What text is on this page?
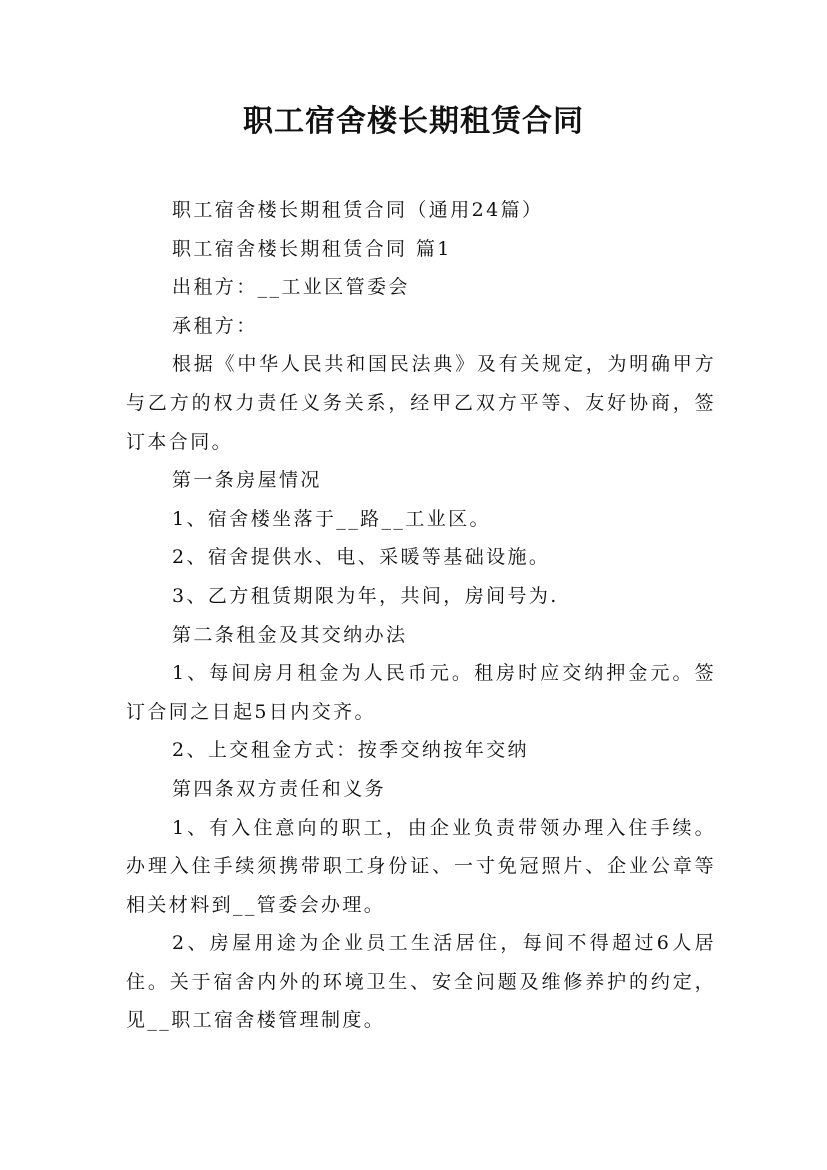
职工宿舍楼长期租赁合同

职工宿舍楼长期租赁合同（通用24篇）

职工宿舍楼长期租赁合同 篇1

出租方：__工业区管委会

承租方：

根据《中华人民共和国民法典》及有关规定，为明确甲方与乙方的权力责任义务关系，经甲乙双方平等、友好协商，签订本合同。

第一条房屋情况

1、宿舍楼坐落于__路__工业区。

2、宿舍提供水、电、采暖等基础设施。

3、乙方租赁期限为年，共间，房间号为.

第二条租金及其交纳办法

1、每间房月租金为人民币元。租房时应交纳押金元。签订合同之日起5日内交齐。

2、上交租金方式：按季交纳按年交纳

第四条双方责任和义务

1、有入住意向的职工，由企业负责带领办理入住手续。办理入住手续须携带职工身份证、一寸免冠照片、企业公章等相关材料到__管委会办理。

2、房屋用途为企业员工生活居住，每间不得超过6人居住。关于宿舍内外的环境卫生、安全问题及维修养护的约定，见__职工宿舍楼管理制度。
